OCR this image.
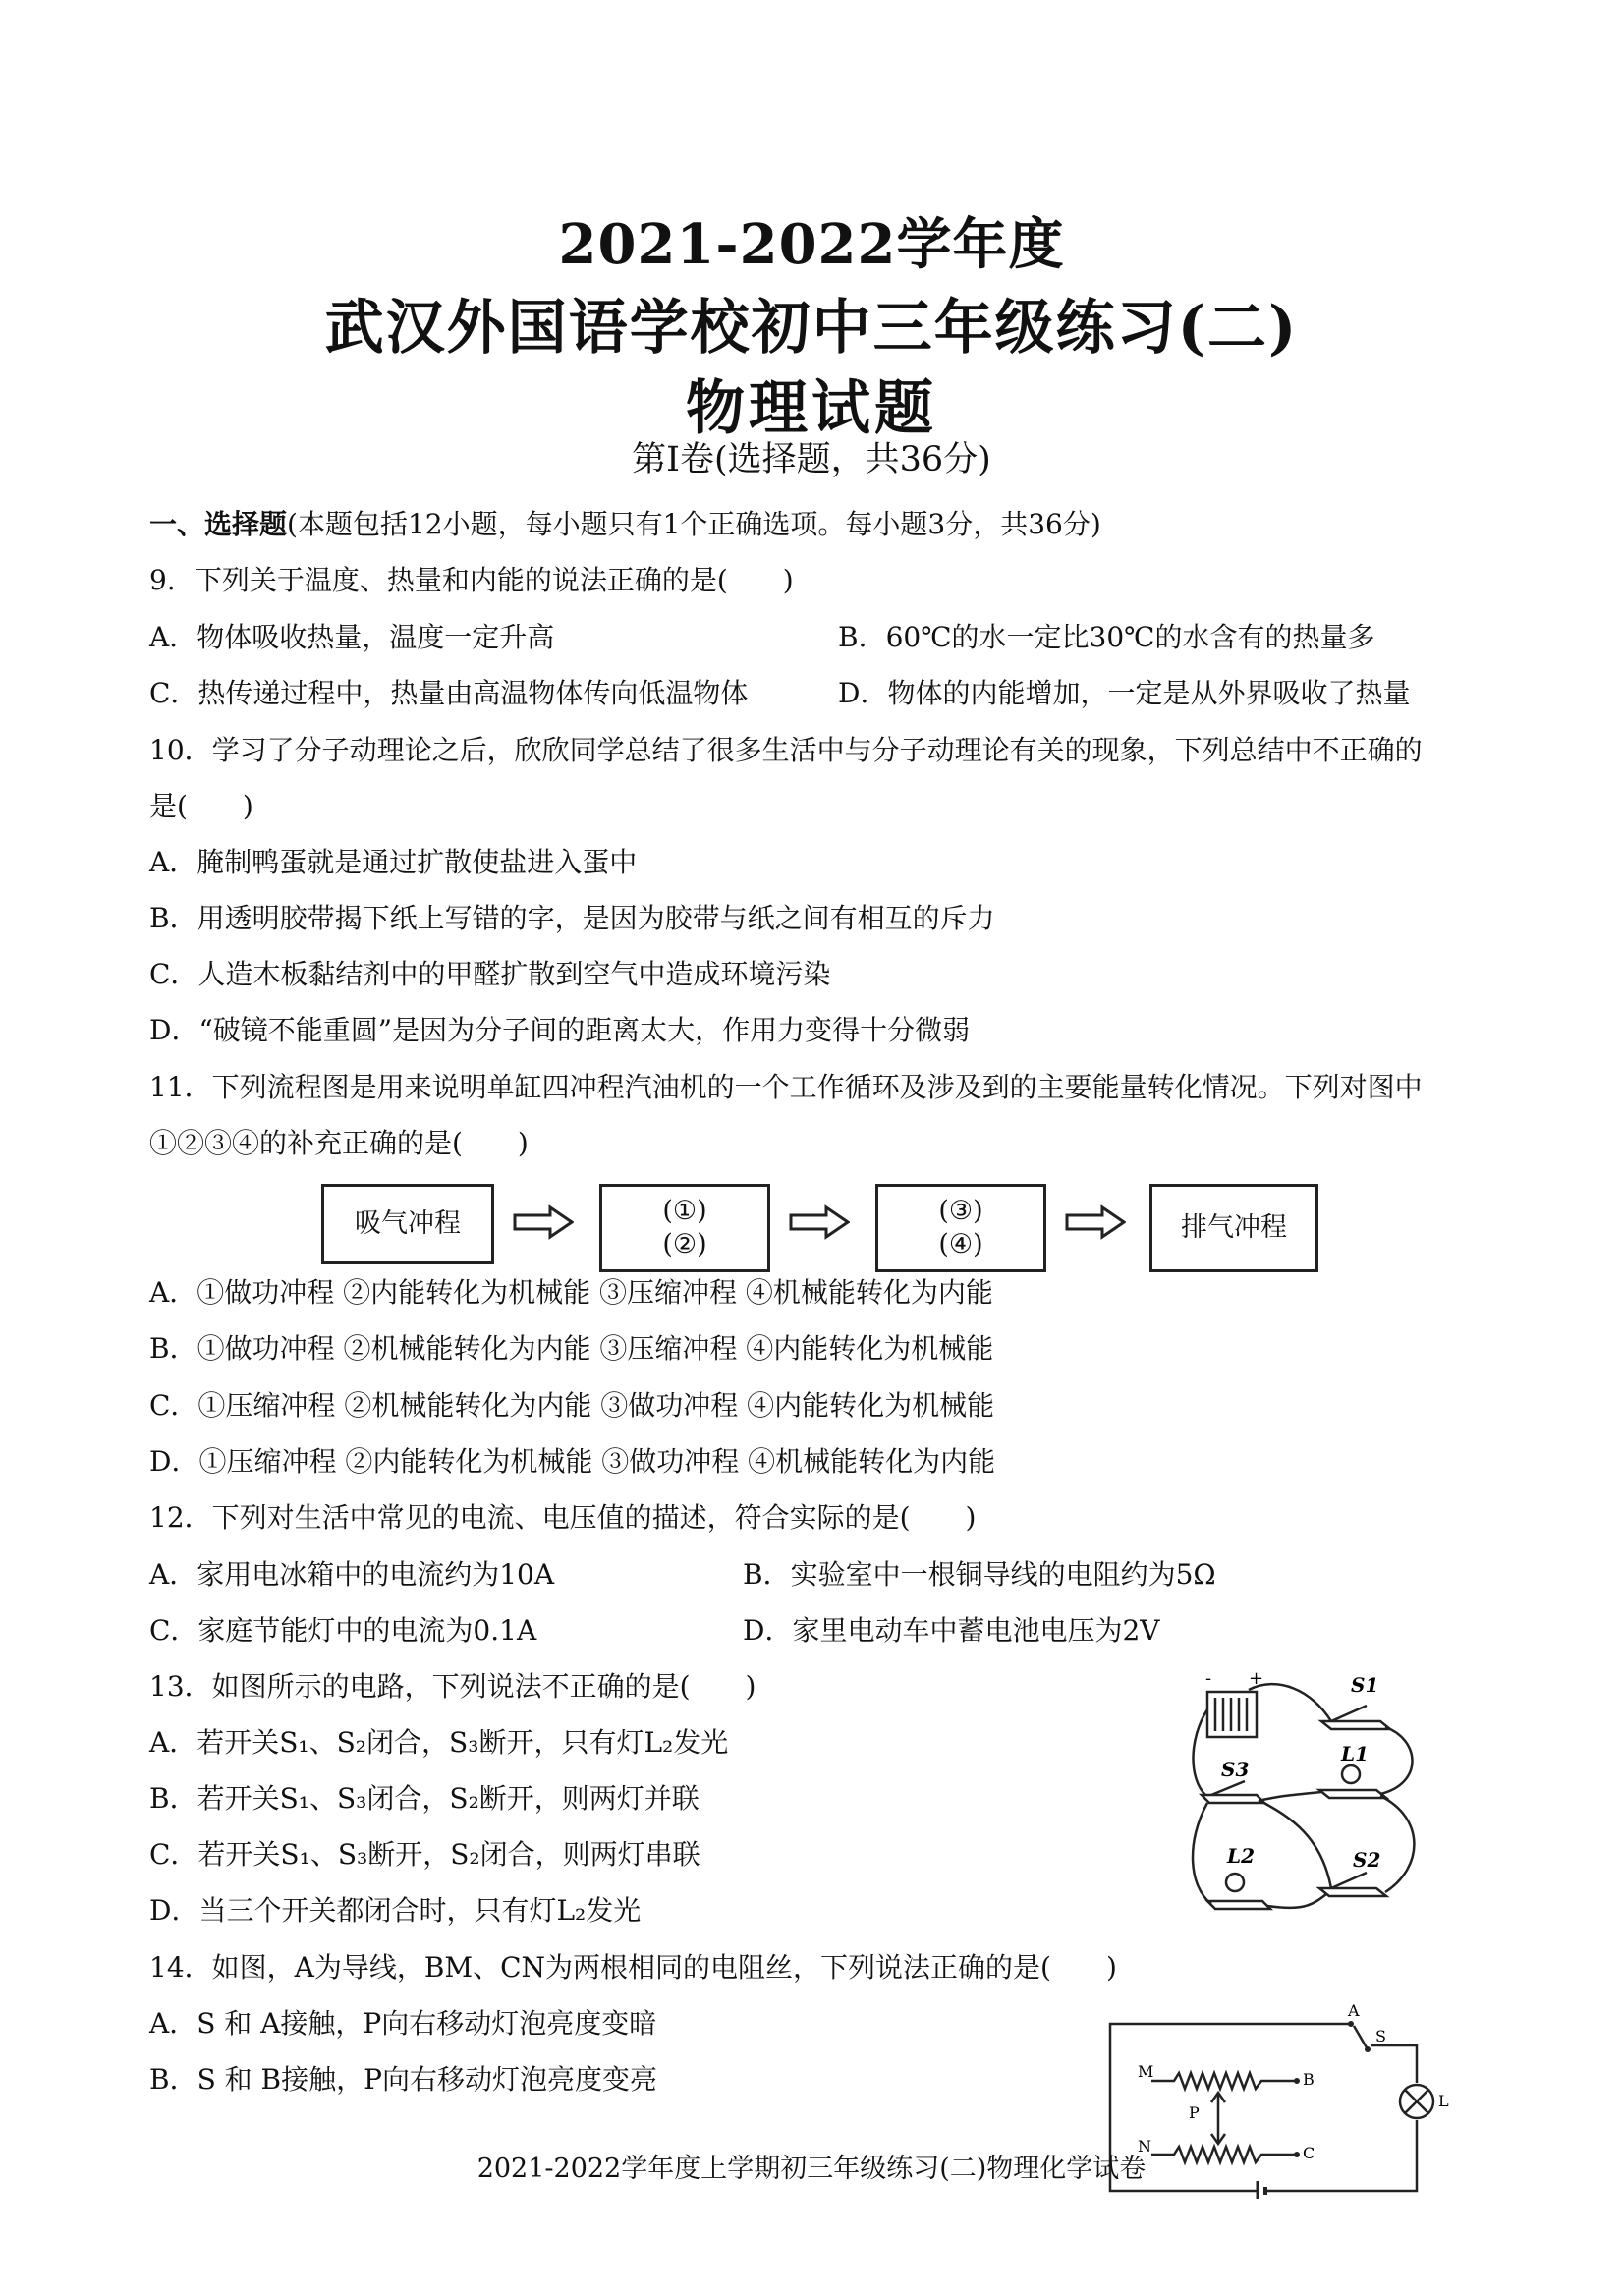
2021-2022学年度
武汉外国语学校初中三年级练习(二)
物理试题
第Ⅰ卷(选择题，共36分)
一、选择题(本题包括12小题，每小题只有1个正确选项。每小题3分，共36分)
9．下列关于温度、热量和内能的说法正确的是(　　)
A．物体吸收热量，温度一定升高	B．60℃的水一定比30℃的水含有的热量多
C．热传递过程中，热量由高温物体传向低温物体	D．物体的内能增加，一定是从外界吸收了热量
10．学习了分子动理论之后，欣欣同学总结了很多生活中与分子动理论有关的现象，下列总结中不正确的
是(　　)
A．腌制鸭蛋就是通过扩散使盐进入蛋中
B．用透明胶带揭下纸上写错的字，是因为胶带与纸之间有相互的斥力
C．人造木板黏结剂中的甲醛扩散到空气中造成环境污染
D．“破镜不能重圆”是因为分子间的距离太大，作用力变得十分微弱
11．下列流程图是用来说明单缸四冲程汽油机的一个工作循环及涉及到的主要能量转化情况。下列对图中
①②③④的补充正确的是(　　)
吸气冲程	(①)
(②)
(③)
(④)
排气冲程
A．①做功冲程 ②内能转化为机械能 ③压缩冲程 ④机械能转化为内能
B．①做功冲程 ②机械能转化为内能 ③压缩冲程 ④内能转化为机械能
C．①压缩冲程 ②机械能转化为内能 ③做功冲程 ④内能转化为机械能
D．①压缩冲程 ②内能转化为机械能 ③做功冲程 ④机械能转化为内能
12．下列对生活中常见的电流、电压值的描述，符合实际的是(　　)
A．家用电冰箱中的电流约为10A	B．实验室中一根铜导线的电阻约为5Ω
C．家庭节能灯中的电流为0.1A	D．家里电动车中蓄电池电压为2V
13．如图所示的电路，下列说法不正确的是(　　)
A．若开关S₁、S₂闭合，S₃断开，只有灯L₂发光
B．若开关S₁、S₃闭合，S₂断开，则两灯并联
C．若开关S₁、S₃断开，S₂闭合，则两灯串联
D．当三个开关都闭合时，只有灯L₂发光
- +	S1
L1
S3
L2	S2
14．如图，A为导线，BM、CN为两根相同的电阻丝，下列说法正确的是(　　)
A．S 和 A接触，P向右移动灯泡亮度变暗
B．S 和 B接触，P向右移动灯泡亮度变亮
A
S
M	B
P
N	C
L
2021-2022学年度上学期初三年级练习(二)物理化学试卷
